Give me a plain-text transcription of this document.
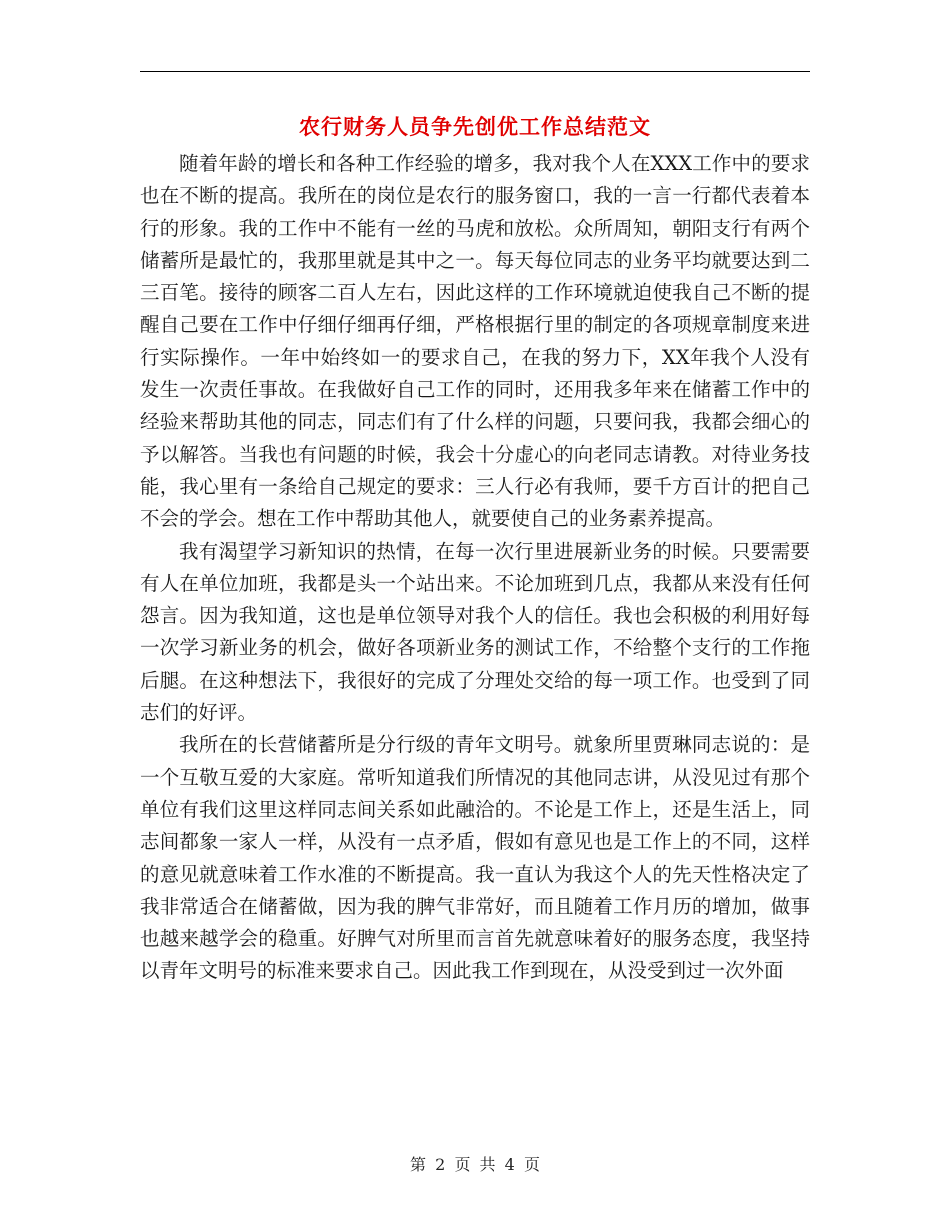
农行财务人员争先创优工作总结范文

随着年龄的增长和各种工作经验的增多，我对我个人在XXX工作中的要求也在不断的提高。我所在的岗位是农行的服务窗口，我的一言一行都代表着本行的形象。我的工作中不能有一丝的马虎和放松。众所周知，朝阳支行有两个储蓄所是最忙的，我那里就是其中之一。每天每位同志的业务平均就要达到二三百笔。接待的顾客二百人左右，因此这样的工作环境就迫使我自己不断的提醒自己要在工作中仔细仔细再仔细，严格根据行里的制定的各项规章制度来进行实际操作。一年中始终如一的要求自己，在我的努力下，XX年我个人没有发生一次责任事故。在我做好自己工作的同时，还用我多年来在储蓄工作中的经验来帮助其他的同志，同志们有了什么样的问题，只要问我，我都会细心的予以解答。当我也有问题的时候，我会十分虚心的向老同志请教。对待业务技能，我心里有一条给自己规定的要求：三人行必有我师，要千方百计的把自己不会的学会。想在工作中帮助其他人，就要使自己的业务素养提高。

我有渴望学习新知识的热情，在每一次行里进展新业务的时候。只要需要有人在单位加班，我都是头一个站出来。不论加班到几点，我都从来没有任何怨言。因为我知道，这也是单位领导对我个人的信任。我也会积极的利用好每一次学习新业务的机会，做好各项新业务的测试工作，不给整个支行的工作拖后腿。在这种想法下，我很好的完成了分理处交给的每一项工作。也受到了同志们的好评。

我所在的长营储蓄所是分行级的青年文明号。就象所里贾琳同志说的：是一个互敬互爱的大家庭。常听知道我们所情况的其他同志讲，从没见过有那个单位有我们这里这样同志间关系如此融洽的。不论是工作上，还是生活上，同志间都象一家人一样，从没有一点矛盾，假如有意见也是工作上的不同，这样的意见就意味着工作水准的不断提高。我一直认为我这个人的先天性格决定了我非常适合在储蓄做，因为我的脾气非常好，而且随着工作月历的增加，做事也越来越学会的稳重。好脾气对所里而言首先就意味着好的服务态度，我坚持以青年文明号的标准来要求自己。因此我工作到现在，从没受到过一次外面

第 2 页 共 4 页
